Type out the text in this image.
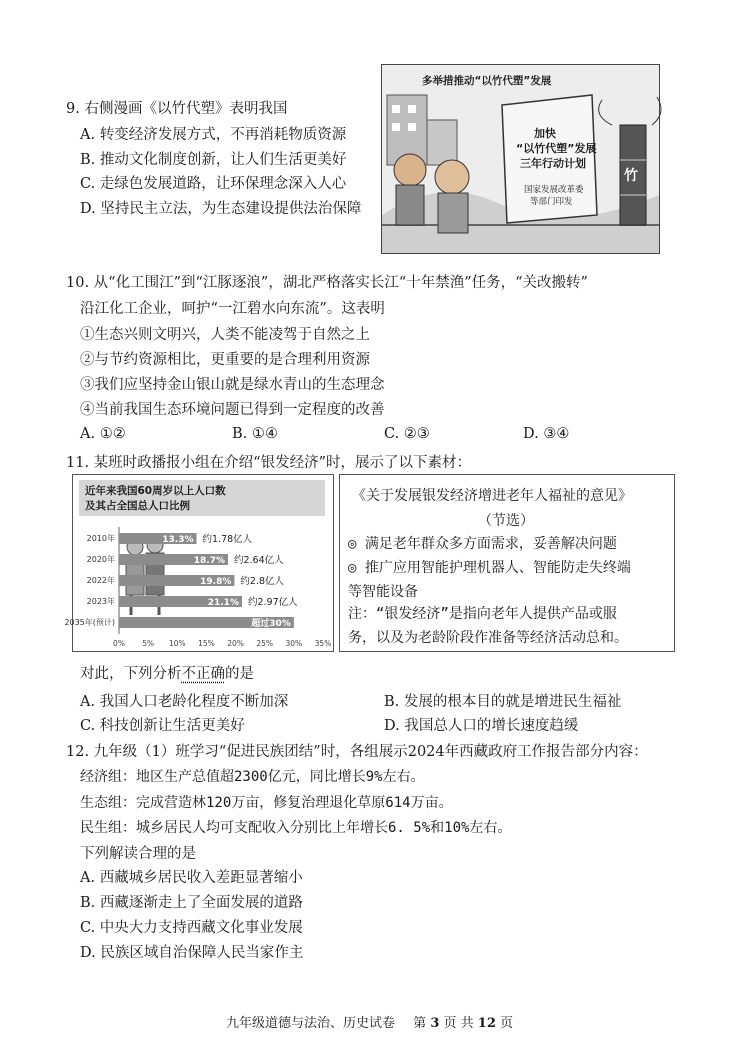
9. 右侧漫画《以竹代塑》表明我国
A. 转变经济发展方式，不再消耗物质资源
B. 推动文化制度创新，让人们生活更美好
C. 走绿色发展道路，让环保理念深入人心
D. 坚持民主立法，为生态建设提供法治保障
多举措推动“以竹代塑”发展
加快
“以竹代塑”发展
三年行动计划
国家发展改革委
等部门印发
竹
10. 从“化工围江”到“江豚逐浪”，湖北严格落实长江“十年禁渔”任务，“关改搬转”
沿江化工企业，呵护“一江碧水向东流”。这表明
①生态兴则文明兴，人类不能凌驾于自然之上
②与节约资源相比，更重要的是合理利用资源
③我们应坚持金山银山就是绿水青山的生态理念
④当前我国生态环境问题已得到一定程度的改善
A. ①②	B. ①④	C. ②③	D. ③④
11. 某班时政播报小组在介绍“银发经济”时，展示了以下素材：
近年来我国60周岁以上人口数
及其占全国总人口比例
2010年	13.3% 约1.78亿人
2020年	18.7% 约2.64亿人
2022年	19.8% 约2.8亿人
2023年	21.1% 约2.97亿人
2035年(预计)	超过30%
0% 5% 10% 15% 20% 25% 30% 35%
《关于发展银发经济增进老年人福祉的意见》
（节选）
◎ 满足老年群众多方面需求，妥善解决问题
◎ 推广应用智能护理机器人、智能防走失终端
等智能设备
注：“银发经济”是指向老年人提供产品或服
务，以及为老龄阶段作准备等经济活动总和。
对此，下列分析不正确的是
A. 我国人口老龄化程度不断加深	B. 发展的根本目的就是增进民生福祉
C. 科技创新让生活更美好	D. 我国总人口的增长速度趋缓
12. 九年级（1）班学习“促进民族团结”时，各组展示2024年西藏政府工作报告部分内容：
经济组：地区生产总值超2300亿元，同比增长9%左右。
生态组：完成营造林120万亩，修复治理退化草原614万亩。
民生组：城乡居民人均可支配收入分别比上年增长6. 5%和10%左右。
下列解读合理的是
A. 西藏城乡居民收入差距显著缩小
B. 西藏逐渐走上了全面发展的道路
C. 中央大力支持西藏文化事业发展
D. 民族区域自治保障人民当家作主
九年级道德与法治、历史试卷 第 3 页 共 12 页
